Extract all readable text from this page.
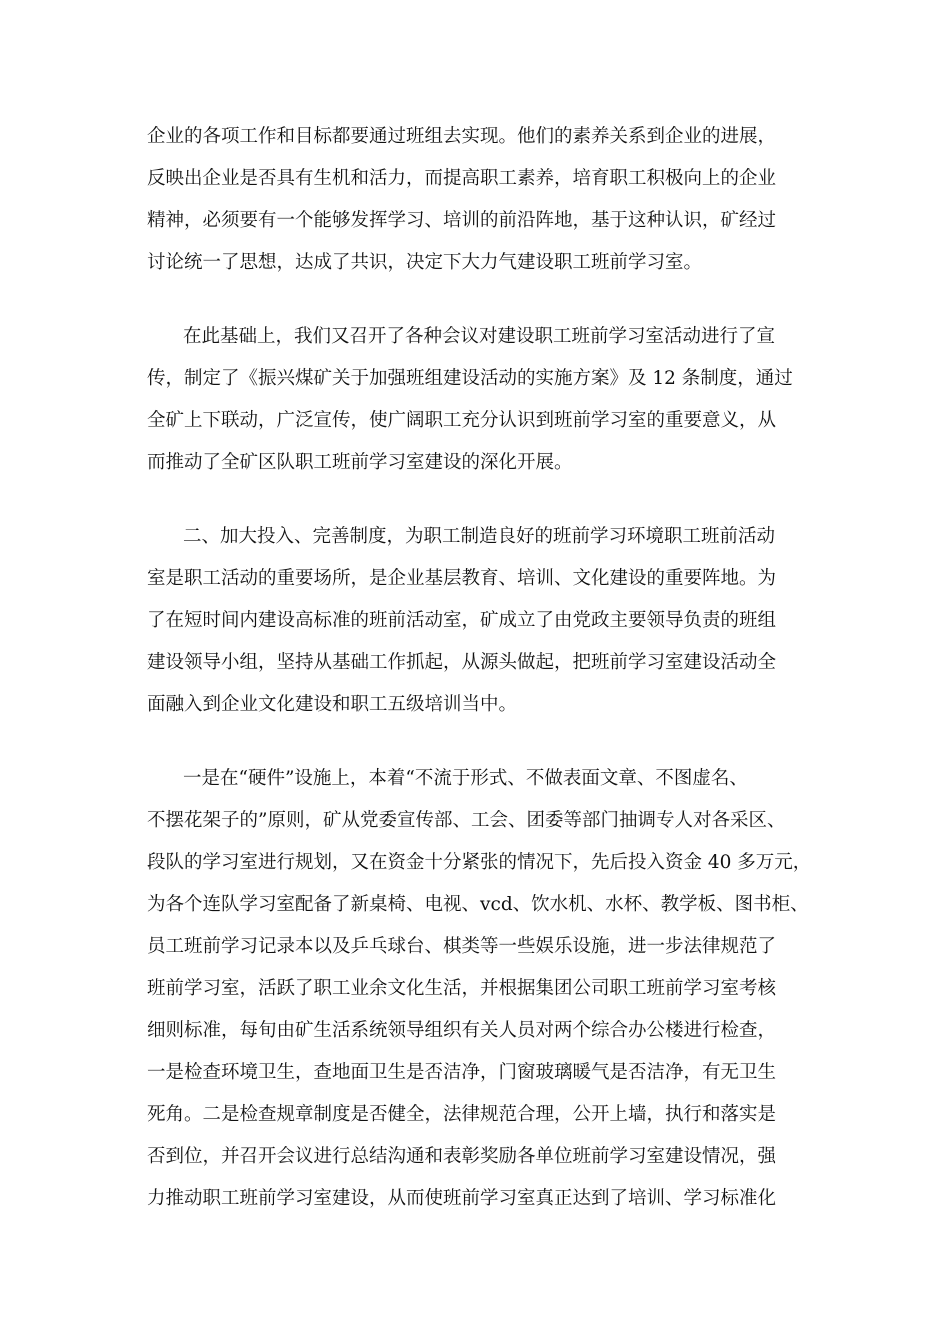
企业的各项工作和目标都要通过班组去实现。他们的素养关系到企业的进展，
反映出企业是否具有生机和活力，而提高职工素养，培育职工积极向上的企业
精神，必须要有一个能够发挥学习、培训的前沿阵地，基于这种认识，矿经过
讨论统一了思想，达成了共识，决定下大力气建设职工班前学习室。
在此基础上，我们又召开了各种会议对建设职工班前学习室活动进行了宣
传，制定了《振兴煤矿关于加强班组建设活动的实施方案》及 12 条制度，通过
全矿上下联动，广泛宣传，使广阔职工充分认识到班前学习室的重要意义，从
而推动了全矿区队职工班前学习室建设的深化开展。
二、加大投入、完善制度，为职工制造良好的班前学习环境职工班前活动
室是职工活动的重要场所，是企业基层教育、培训、文化建设的重要阵地。为
了在短时间内建设高标准的班前活动室，矿成立了由党政主要领导负责的班组
建设领导小组，坚持从基础工作抓起，从源头做起，把班前学习室建设活动全
面融入到企业文化建设和职工五级培训当中。
一是在“硬件”设施上，本着“不流于形式、不做表面文章、不图虚名、
不摆花架子的”原则，矿从党委宣传部、工会、团委等部门抽调专人对各采区、
段队的学习室进行规划，又在资金十分紧张的情况下，先后投入资金 40 多万元，
为各个连队学习室配备了新桌椅、电视、vcd、饮水机、水杯、教学板、图书柜、
员工班前学习记录本以及乒乓球台、棋类等一些娱乐设施，进一步法律规范了
班前学习室，活跃了职工业余文化生活，并根据集团公司职工班前学习室考核
细则标准，每旬由矿生活系统领导组织有关人员对两个综合办公楼进行检查，
一是检查环境卫生，查地面卫生是否洁净，门窗玻璃暖气是否洁净，有无卫生
死角。二是检查规章制度是否健全，法律规范合理，公开上墙，执行和落实是
否到位，并召开会议进行总结沟通和表彰奖励各单位班前学习室建设情况，强
力推动职工班前学习室建设，从而使班前学习室真正达到了培训、学习标准化
